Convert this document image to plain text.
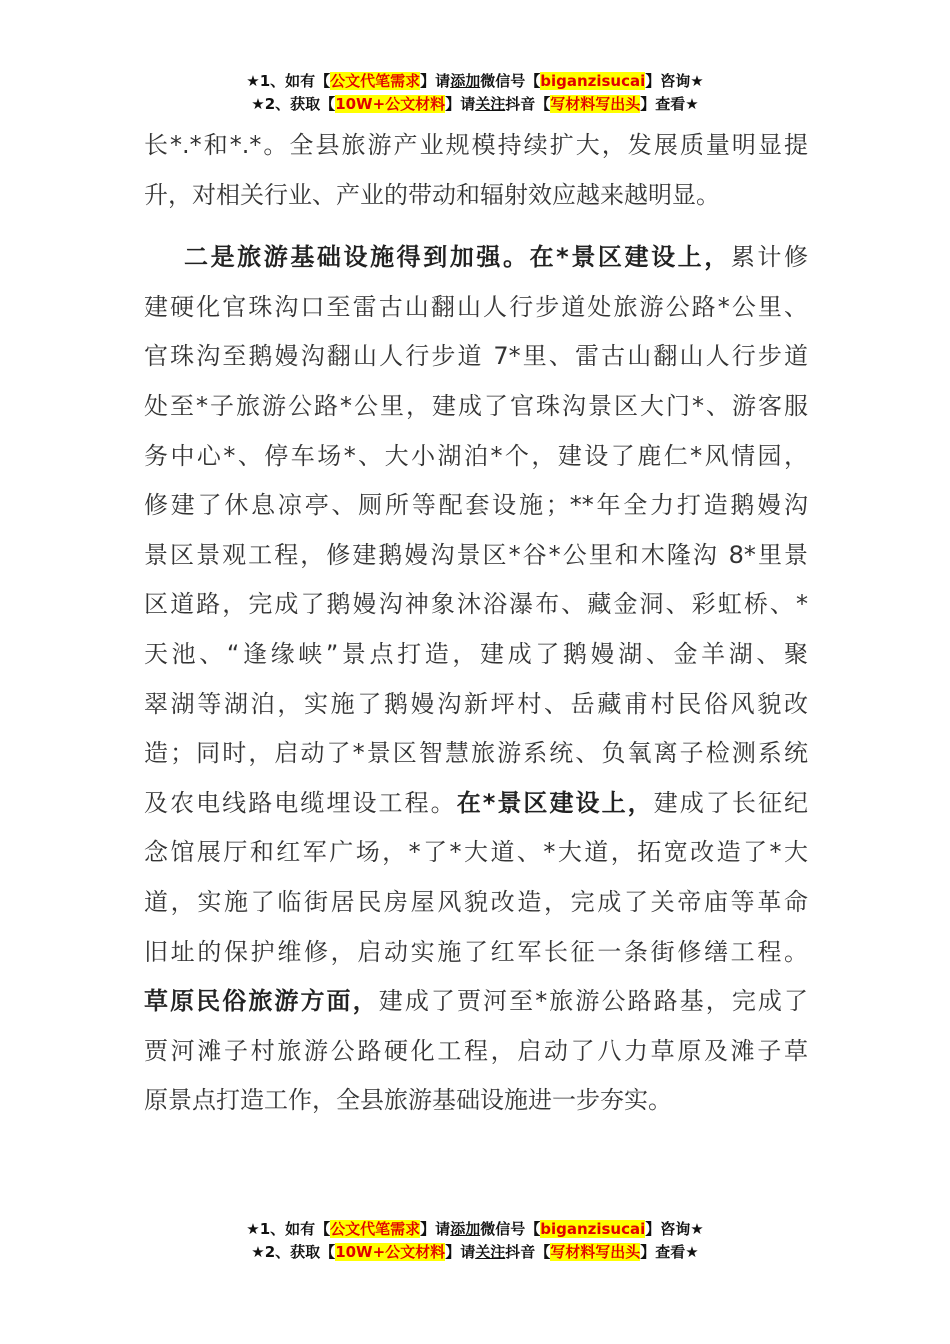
★1、如有【公文代笔需求】请添加微信号【biganzisucai】咨询★
★2、获取【10W+公文材料】请关注抖音【写材料写出头】查看★
长*.*和*.*。全县旅游产业规模持续扩大，发展质量明显提
升，对相关行业、产业的带动和辐射效应越来越明显。
二是旅游基础设施得到加强。在*景区建设上，累计修
建硬化官珠沟口至雷古山翻山人行步道处旅游公路*公里、
官珠沟至鹅嫚沟翻山人行步道 7*里、雷古山翻山人行步道
处至*子旅游公路*公里，建成了官珠沟景区大门*、游客服
务中心*、停车场*、大小湖泊*个，建设了鹿仁*风情园，
修建了休息凉亭、厕所等配套设施；**年全力打造鹅嫚沟
景区景观工程，修建鹅嫚沟景区*谷*公里和木隆沟 8*里景
区道路，完成了鹅嫚沟神象沐浴瀑布、藏金洞、彩虹桥、*
天池、“逢缘峡”景点打造，建成了鹅嫚湖、金羊湖、聚
翠湖等湖泊，实施了鹅嫚沟新坪村、岳藏甫村民俗风貌改
造；同时，启动了*景区智慧旅游系统、负氧离子检测系统
及农电线路电缆埋设工程。在*景区建设上，建成了长征纪
念馆展厅和红军广场，*了*大道、*大道，拓宽改造了*大
道，实施了临街居民房屋风貌改造，完成了关帝庙等革命
旧址的保护维修，启动实施了红军长征一条街修缮工程。
草原民俗旅游方面，建成了贾河至*旅游公路路基，完成了
贾河滩子村旅游公路硬化工程，启动了八力草原及滩子草
原景点打造工作，全县旅游基础设施进一步夯实。
★1、如有【公文代笔需求】请添加微信号【biganzisucai】咨询★
★2、获取【10W+公文材料】请关注抖音【写材料写出头】查看★
